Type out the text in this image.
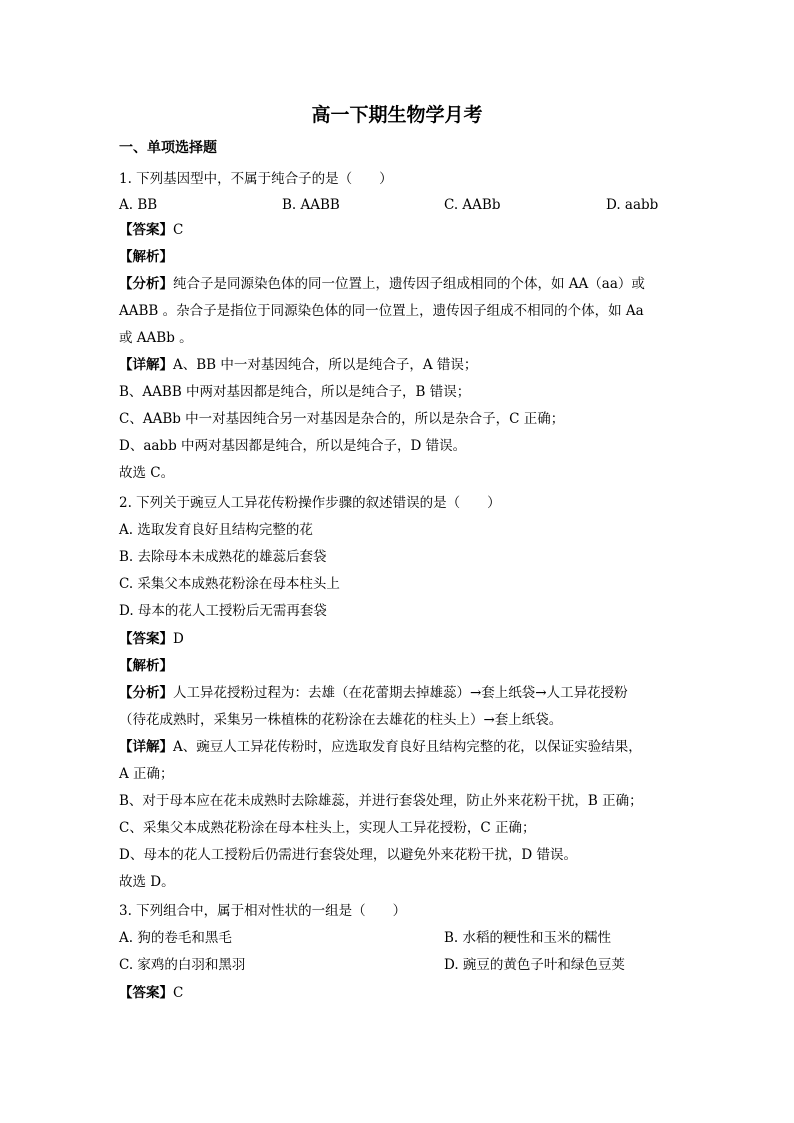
高一下期生物学月考
一、单项选择题
1. 下列基因型中，不属于纯合子的是（　　）
A. BB	B. AABB	C. AABb	D. aabb
【答案】C
【解析】
【分析】纯合子是同源染色体的同一位置上，遗传因子组成相同的个体，如 AA（aa）或
AABB 。杂合子是指位于同源染色体的同一位置上，遗传因子组成不相同的个体，如 Aa
或 AABb 。
【详解】A、BB 中一对基因纯合，所以是纯合子，A 错误；
B、AABB 中两对基因都是纯合，所以是纯合子，B 错误；
C、AABb 中一对基因纯合另一对基因是杂合的，所以是杂合子，C 正确；
D、aabb 中两对基因都是纯合，所以是纯合子，D 错误。
故选 C。
2. 下列关于豌豆人工异花传粉操作步骤的叙述错误的是（　　）
A. 选取发育良好且结构完整的花
B. 去除母本未成熟花的雄蕊后套袋
C. 采集父本成熟花粉涂在母本柱头上
D. 母本的花人工授粉后无需再套袋
【答案】D
【解析】
【分析】人工异花授粉过程为：去雄（在花蕾期去掉雄蕊）→套上纸袋→人工异花授粉
（待花成熟时，采集另一株植株的花粉涂在去雄花的柱头上）→套上纸袋。
【详解】A、豌豆人工异花传粉时，应选取发育良好且结构完整的花，以保证实验结果，
A 正确；
B、对于母本应在花未成熟时去除雄蕊，并进行套袋处理，防止外来花粉干扰，B 正确；
C、采集父本成熟花粉涂在母本柱头上，实现人工异花授粉，C 正确；
D、母本的花人工授粉后仍需进行套袋处理，以避免外来花粉干扰，D 错误。
故选 D。
3. 下列组合中，属于相对性状的一组是（　　）
A. 狗的卷毛和黑毛	B. 水稻的粳性和玉米的糯性
C. 家鸡的白羽和黑羽	D. 豌豆的黄色子叶和绿色豆荚
【答案】C
